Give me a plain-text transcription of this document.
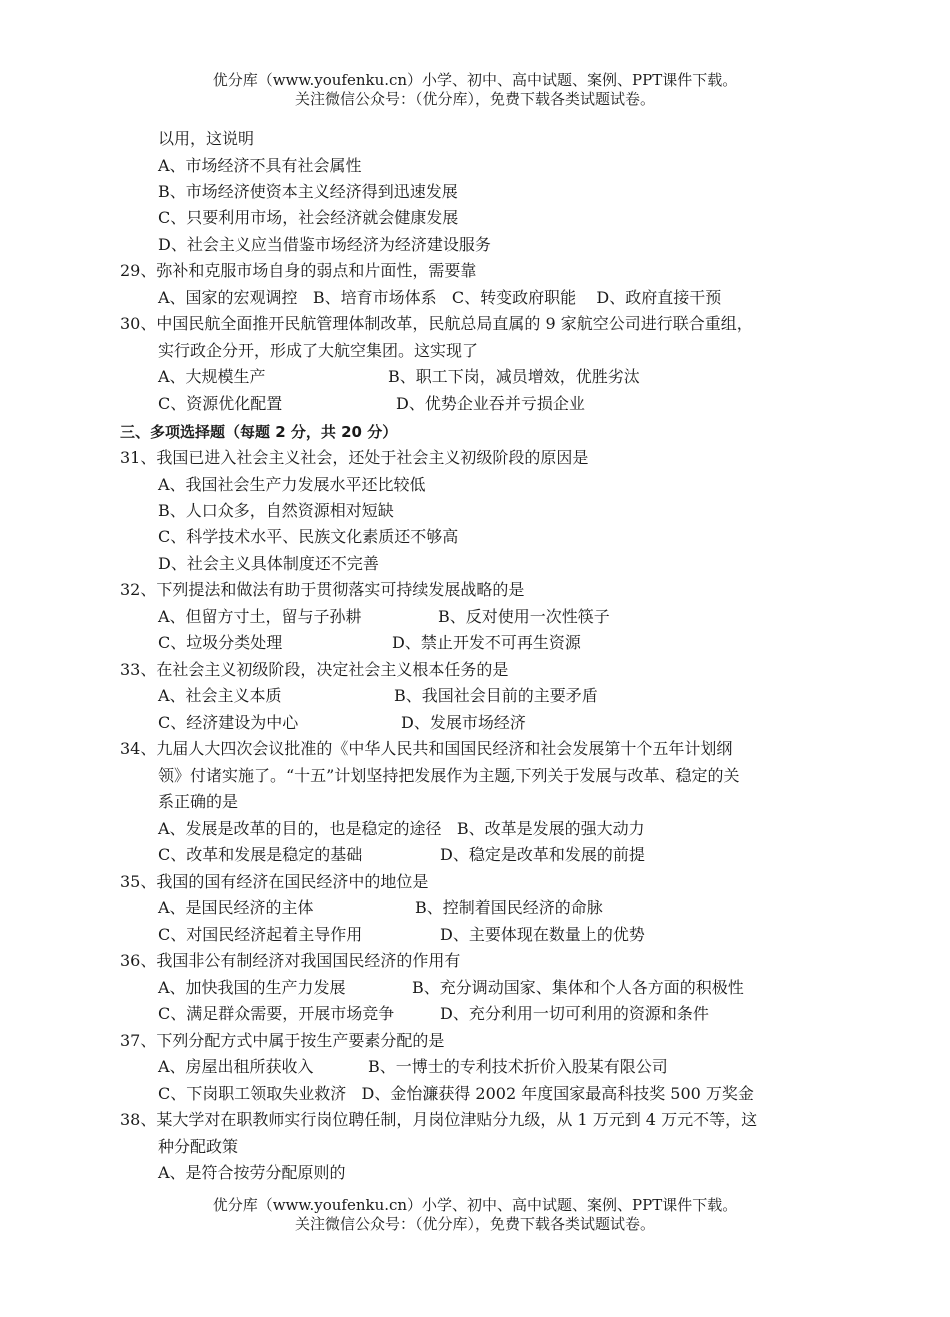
优分库（www.youfenku.cn）小学、初中、高中试题、案例、PPT课件下载。
关注微信公众号：（优分库），免费下载各类试题试卷。
以用，这说明
A、市场经济不具有社会属性
B、市场经济使资本主义经济得到迅速发展
C、只要利用市场，社会经济就会健康发展
D、社会主义应当借鉴市场经济为经济建设服务
29、弥补和克服市场自身的弱点和片面性，需要靠
A、国家的宏观调控   B、培育市场体系   C、转变政府职能    D、政府直接干预
30、中国民航全面推开民航管理体制改革，民航总局直属的 9 家航空公司进行联合重组，
实行政企分开，形成了大航空集团。这实现了
A、大规模生产	B、职工下岗，减员增效，优胜劣汰
C、资源优化配置	D、优势企业吞并亏损企业
三、多项选择题（每题 2 分，共 20 分）
31、我国已进入社会主义社会，还处于社会主义初级阶段的原因是
A、我国社会生产力发展水平还比较低
B、人口众多，自然资源相对短缺
C、科学技术水平、民族文化素质还不够高
D、社会主义具体制度还不完善
32、下列提法和做法有助于贯彻落实可持续发展战略的是
A、但留方寸土，留与子孙耕	B、反对使用一次性筷子
C、垃圾分类处理	D、禁止开发不可再生资源
33、在社会主义初级阶段，决定社会主义根本任务的是
A、社会主义本质	B、我国社会目前的主要矛盾
C、经济建设为中心	D、发展市场经济
34、九届人大四次会议批准的《中华人民共和国国民经济和社会发展第十个五年计划纲
领》付诸实施了。“十五”计划坚持把发展作为主题,下列关于发展与改革、稳定的关
系正确的是
A、发展是改革的目的，也是稳定的途径   B、改革是发展的强大动力
C、改革和发展是稳定的基础	D、稳定是改革和发展的前提
35、我国的国有经济在国民经济中的地位是
A、是国民经济的主体	B、控制着国民经济的命脉
C、对国民经济起着主导作用	D、主要体现在数量上的优势
36、我国非公有制经济对我国国民经济的作用有
A、加快我国的生产力发展	B、充分调动国家、集体和个人各方面的积极性
C、满足群众需要，开展市场竞争	D、充分利用一切可利用的资源和条件
37、下列分配方式中属于按生产要素分配的是
A、房屋出租所获收入	B、一博士的专利技术折价入股某有限公司
C、下岗职工领取失业救济   D、金怡濂获得 2002 年度国家最高科技奖 500 万奖金
38、某大学对在职教师实行岗位聘任制，月岗位津贴分九级，从 1 万元到 4 万元不等，这
种分配政策
A、是符合按劳分配原则的
优分库（www.youfenku.cn）小学、初中、高中试题、案例、PPT课件下载。
关注微信公众号：（优分库），免费下载各类试题试卷。
